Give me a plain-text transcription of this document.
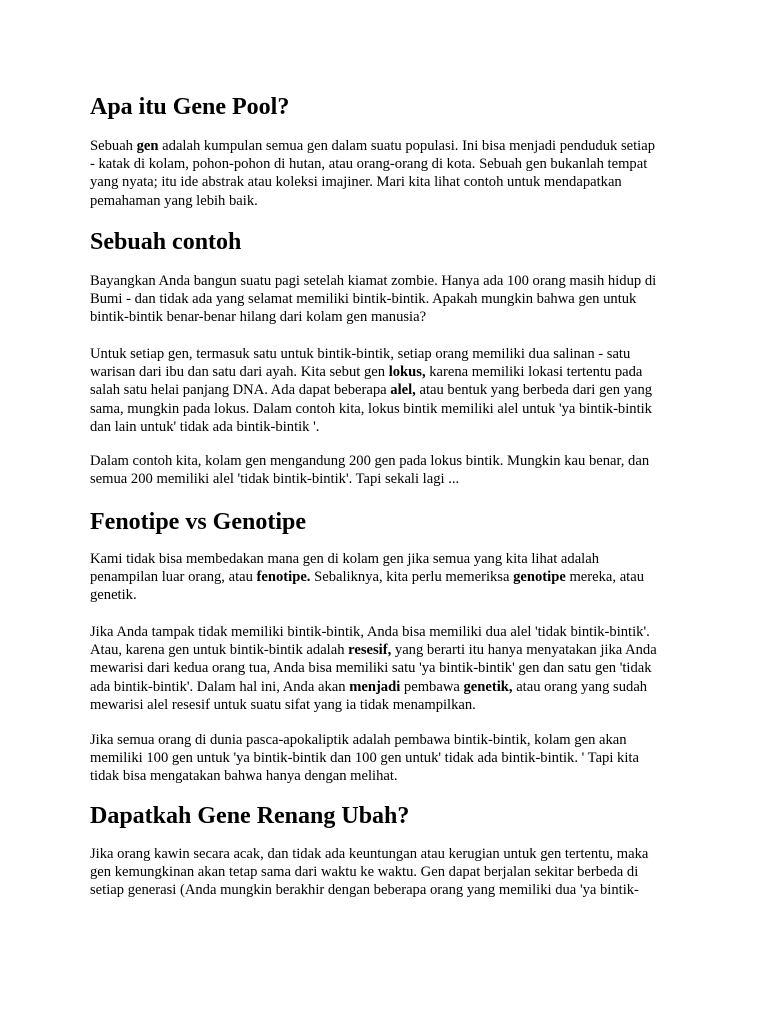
Apa itu Gene Pool?

Sebuah gen adalah kumpulan semua gen dalam suatu populasi. Ini bisa menjadi penduduk setiap
- katak di kolam, pohon-pohon di hutan, atau orang-orang di kota. Sebuah gen bukanlah tempat
yang nyata; itu ide abstrak atau koleksi imajiner. Mari kita lihat contoh untuk mendapatkan
pemahaman yang lebih baik.

Sebuah contoh

Bayangkan Anda bangun suatu pagi setelah kiamat zombie. Hanya ada 100 orang masih hidup di
Bumi - dan tidak ada yang selamat memiliki bintik-bintik. Apakah mungkin bahwa gen untuk
bintik-bintik benar-benar hilang dari kolam gen manusia?

Untuk setiap gen, termasuk satu untuk bintik-bintik, setiap orang memiliki dua salinan - satu
warisan dari ibu dan satu dari ayah. Kita sebut gen lokus, karena memiliki lokasi tertentu pada
salah satu helai panjang DNA. Ada dapat beberapa alel, atau bentuk yang berbeda dari gen yang
sama, mungkin pada lokus. Dalam contoh kita, lokus bintik memiliki alel untuk 'ya bintik-bintik
dan lain untuk' tidak ada bintik-bintik '.

Dalam contoh kita, kolam gen mengandung 200 gen pada lokus bintik. Mungkin kau benar, dan
semua 200 memiliki alel 'tidak bintik-bintik'. Tapi sekali lagi ...

Fenotipe vs Genotipe

Kami tidak bisa membedakan mana gen di kolam gen jika semua yang kita lihat adalah
penampilan luar orang, atau fenotipe. Sebaliknya, kita perlu memeriksa genotipe mereka, atau
genetik.

Jika Anda tampak tidak memiliki bintik-bintik, Anda bisa memiliki dua alel 'tidak bintik-bintik'.
Atau, karena gen untuk bintik-bintik adalah resesif, yang berarti itu hanya menyatakan jika Anda
mewarisi dari kedua orang tua, Anda bisa memiliki satu 'ya bintik-bintik' gen dan satu gen 'tidak
ada bintik-bintik'. Dalam hal ini, Anda akan menjadi pembawa genetik, atau orang yang sudah
mewarisi alel resesif untuk suatu sifat yang ia tidak menampilkan.

Jika semua orang di dunia pasca-apokaliptik adalah pembawa bintik-bintik, kolam gen akan
memiliki 100 gen untuk 'ya bintik-bintik dan 100 gen untuk' tidak ada bintik-bintik. ' Tapi kita
tidak bisa mengatakan bahwa hanya dengan melihat.

Dapatkah Gene Renang Ubah?

Jika orang kawin secara acak, dan tidak ada keuntungan atau kerugian untuk gen tertentu, maka
gen kemungkinan akan tetap sama dari waktu ke waktu. Gen dapat berjalan sekitar berbeda di
setiap generasi (Anda mungkin berakhir dengan beberapa orang yang memiliki dua 'ya bintik-
